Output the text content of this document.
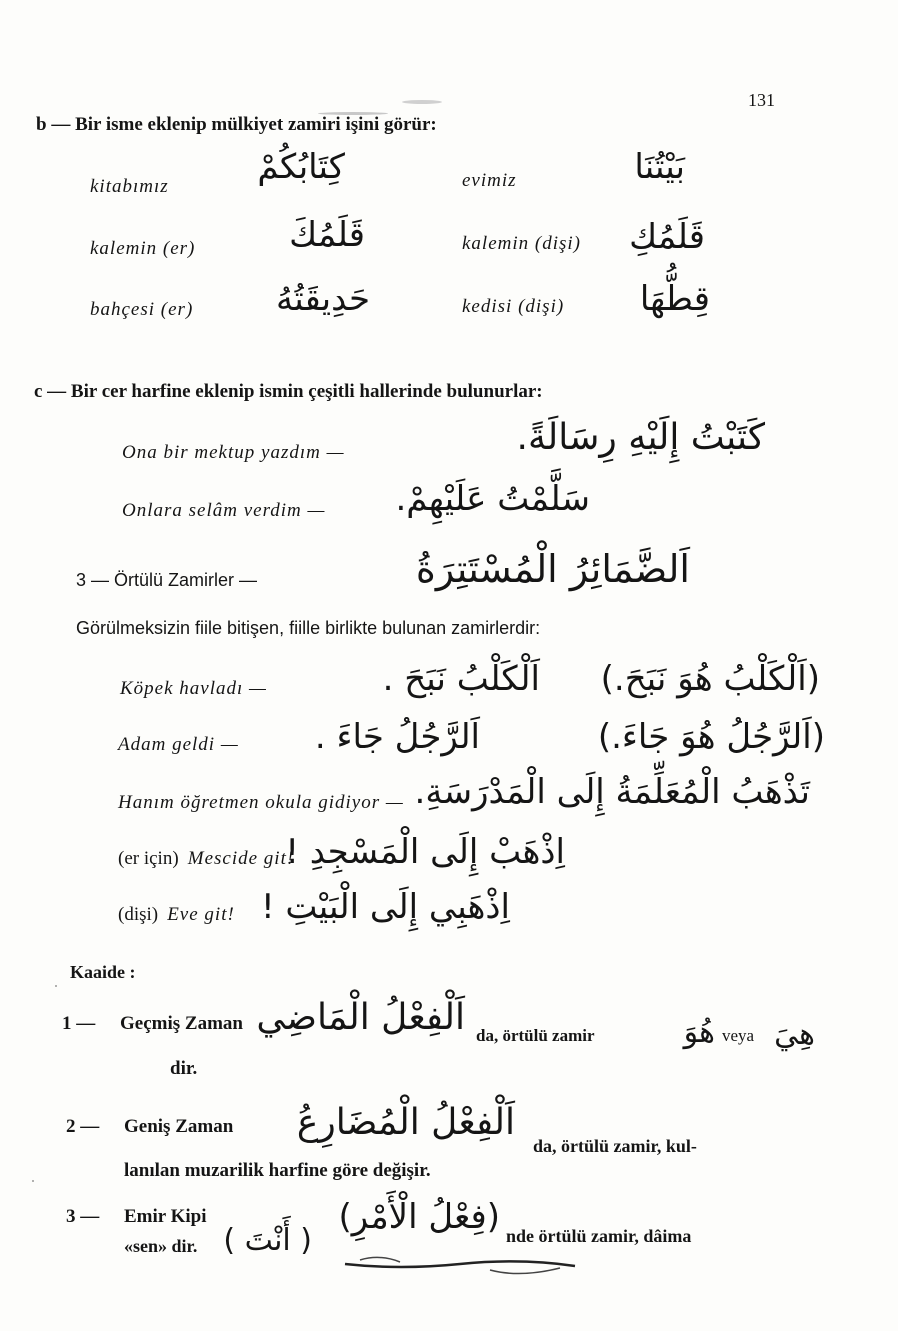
131
b — Bir isme eklenip mülkiyet zamiri işini görür:
kitabımız	كِتَابُكُمْ	evimiz	بَيْتُنَا
kalemin (er)	قَلَمُكَ	kalemin (dişi) قَلَمُكِ
bahçesi (er)	حَدِيقَتُهُ	kedisi (dişi) قِطُّهَا
c — Bir cer harfine eklenip ismin çeşitli hallerinde bulunurlar:
Ona bir mektup yazdım —	كَتَبْتُ إِلَيْهِ رِسَالَةً.
Onlara selâm verdim —	سَلَّمْتُ عَلَيْهِمْ.
3 — Örtülü Zamirler —	اَلضَّمَائِرُ الْمُسْتَتِرَةُ
Görülmeksizin fiile bitişen, fiille birlikte bulunan zamirlerdir:
Köpek havladı —	اَلْكَلْبُ نَبَحَ .	(اَلْكَلْبُ هُوَ نَبَحَ.)
Adam geldi —	اَلرَّجُلُ جَاءَ .	(اَلرَّجُلُ هُوَ جَاءَ.)
Hanım öğretmen okula gidiyor — تَذْهَبُ الْمُعَلِّمَةُ إِلَى الْمَدْرَسَةِ.
(er için) Mescide git!
اِذْهَبْ إِلَى الْمَسْجِدِ !
(dişi) Eve git! اِذْهَبِي إِلَى الْبَيْتِ !
Kaaide :
1 — Geçmiş Zaman اَلْفِعْلُ الْمَاضِي da, örtülü zamir	هُوَ veya هِيَ
dir.
2 — Geniş Zaman اَلْفِعْلُ الْمُضَارِعُ
da, örtülü zamir, kul-
lanılan muzarilik harfine göre değişir.
3 — Emir Kipi	(فِعْلُ الْأَمْرِ) nde örtülü zamir, dâima
«sen» dir. ( أَنْتَ )
